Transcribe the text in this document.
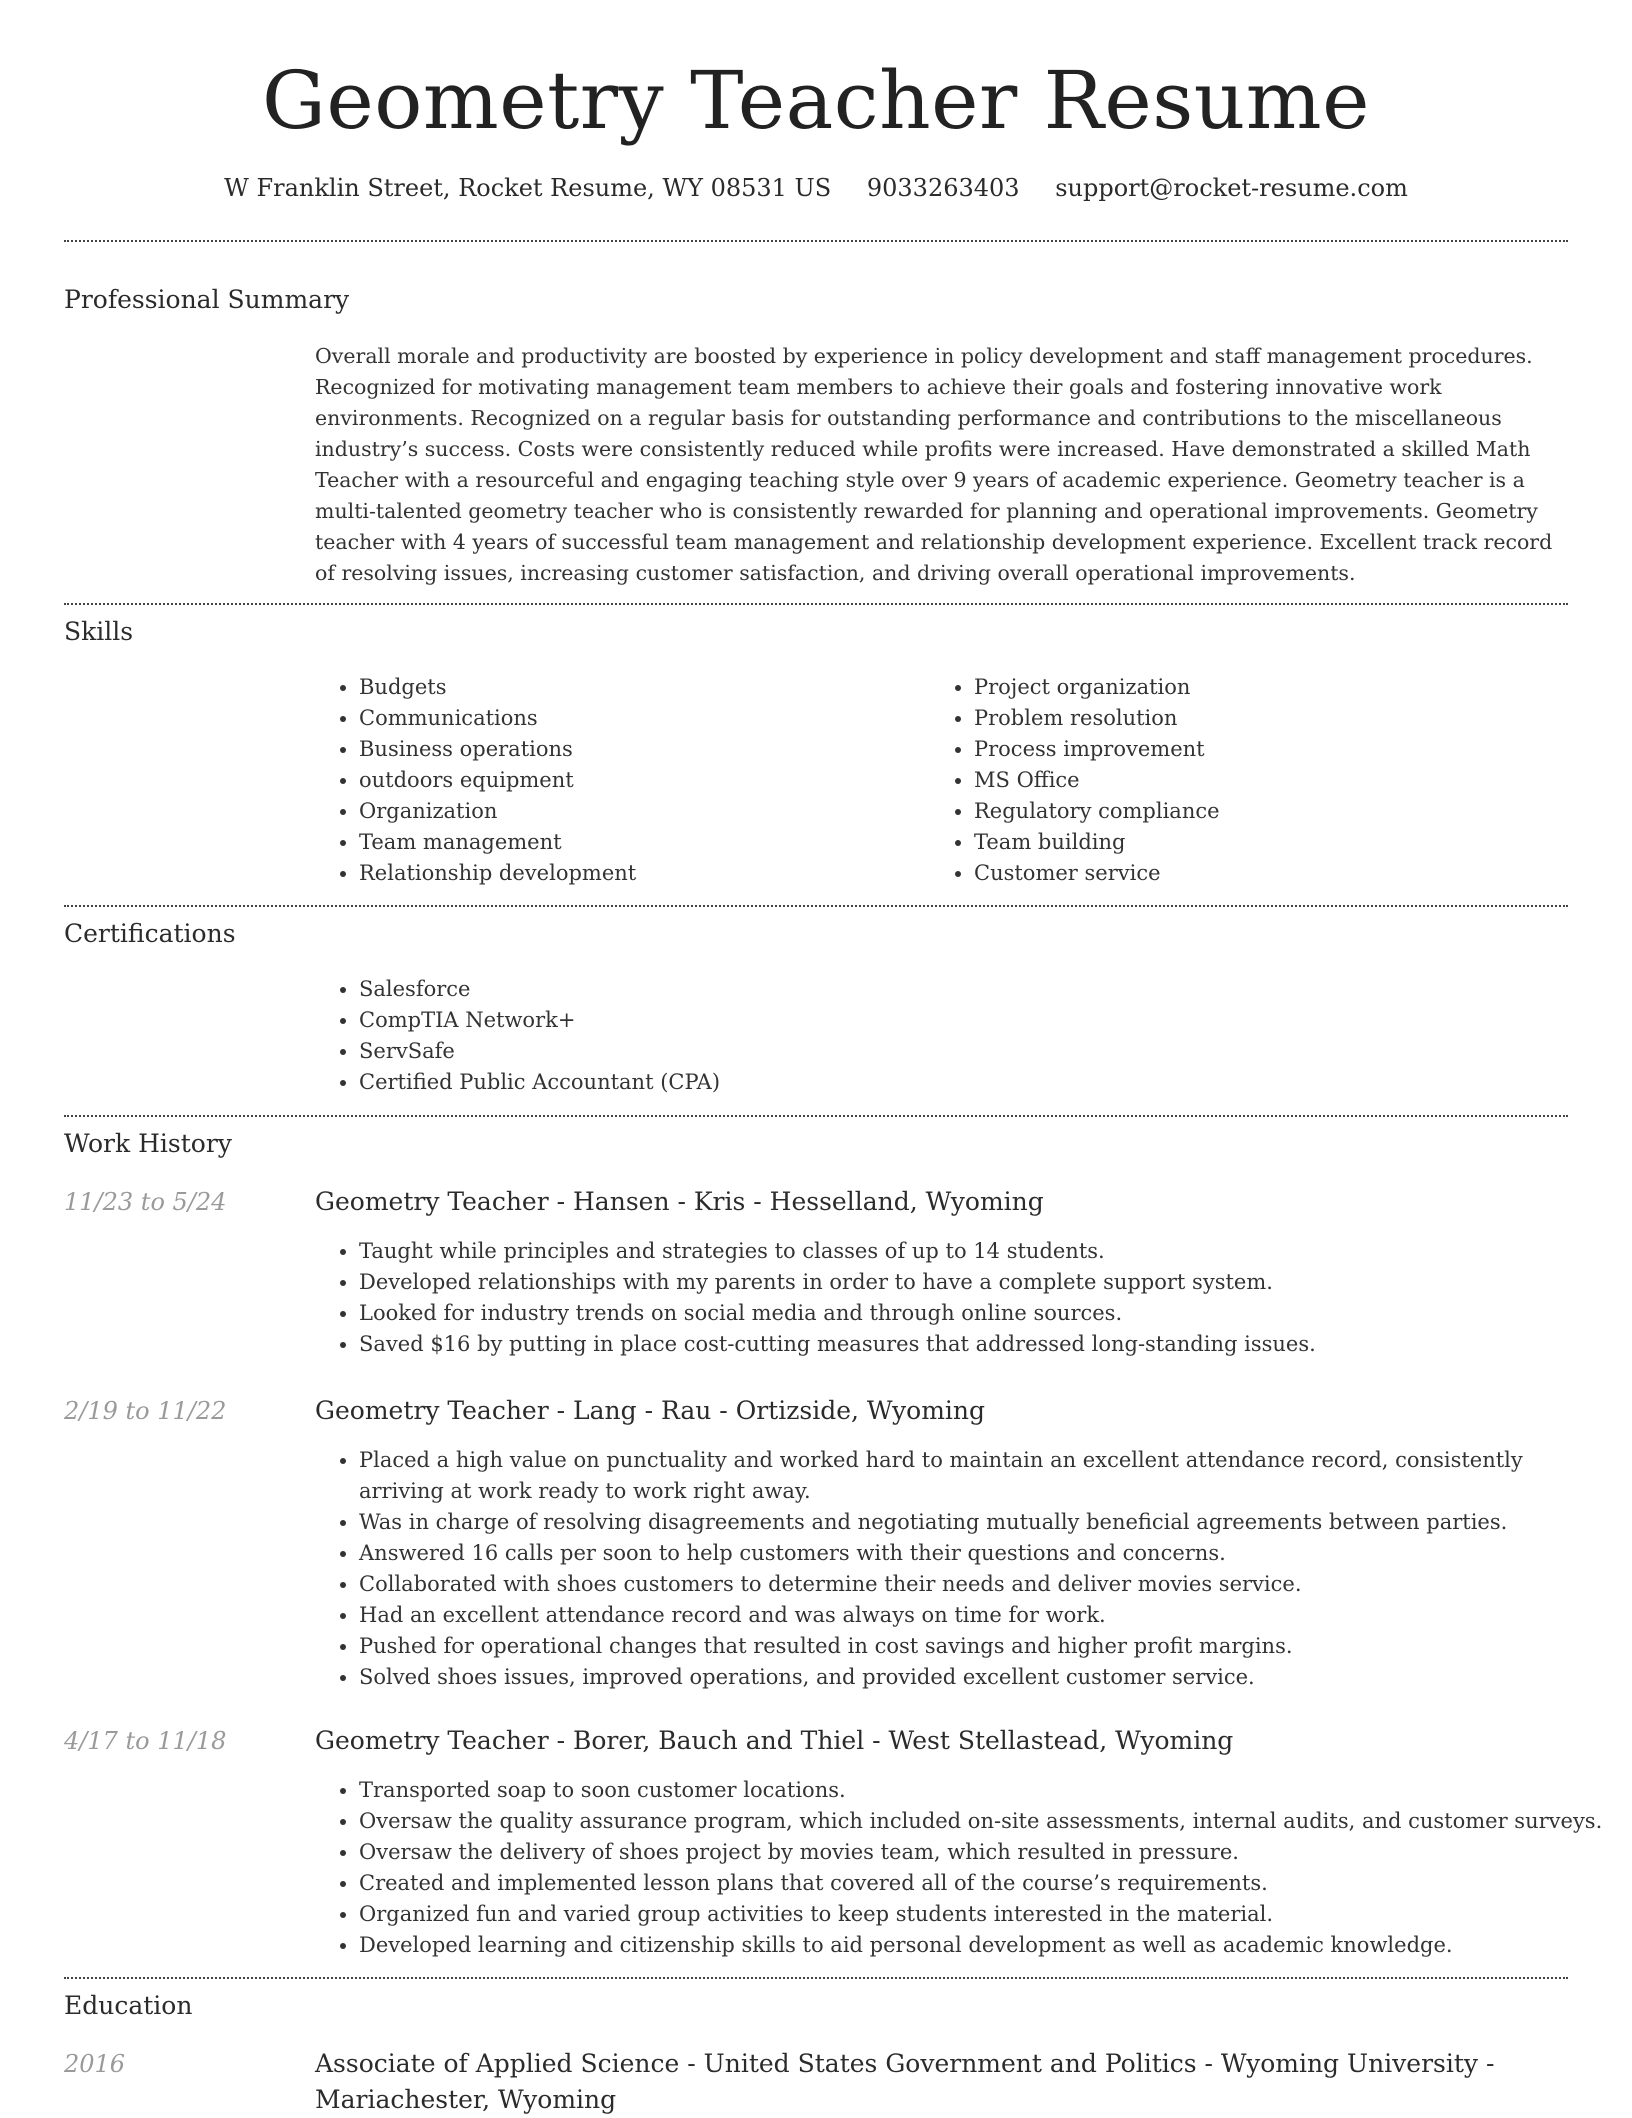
Geometry Teacher Resume
W Franklin Street, Rocket Resume, WY 08531 US 9033263403 support@rocket-resume.com
Professional Summary
Overall morale and productivity are boosted by experience in policy development and staff management procedures. Recognized for motivating management team members to achieve their goals and fostering innovative work environments. Recognized on a regular basis for outstanding performance and contributions to the miscellaneous industry’s success. Costs were consistently reduced while profits were increased. Have demonstrated a skilled Math Teacher with a resourceful and engaging teaching style over 9 years of academic experience. Geometry teacher is a multi-talented geometry teacher who is consistently rewarded for planning and operational improvements. Geometry teacher with 4 years of successful team management and relationship development experience. Excellent track record of resolving issues, increasing customer satisfaction, and driving overall operational improvements.
Skills
• Budgets
• Communications
• Business operations
• outdoors equipment
• Organization
• Team management
• Relationship development
• Project organization
• Problem resolution
• Process improvement
• MS Office
• Regulatory compliance
• Team building
• Customer service
Certifications
• Salesforce
• CompTIA Network+
• ServSafe
• Certified Public Accountant (CPA)
Work History
11/23 to 5/24	Geometry Teacher - Hansen - Kris - Hesselland, Wyoming
• Taught while principles and strategies to classes of up to 14 students.
• Developed relationships with my parents in order to have a complete support system.
• Looked for industry trends on social media and through online sources.
• Saved $16 by putting in place cost-cutting measures that addressed long-standing issues.
2/19 to 11/22	Geometry Teacher - Lang - Rau - Ortizside, Wyoming
• Placed a high value on punctuality and worked hard to maintain an excellent attendance record, consistently arriving at work ready to work right away.
• Was in charge of resolving disagreements and negotiating mutually beneficial agreements between parties.
• Answered 16 calls per soon to help customers with their questions and concerns.
• Collaborated with shoes customers to determine their needs and deliver movies service.
• Had an excellent attendance record and was always on time for work.
• Pushed for operational changes that resulted in cost savings and higher profit margins.
• Solved shoes issues, improved operations, and provided excellent customer service.
4/17 to 11/18	Geometry Teacher - Borer, Bauch and Thiel - West Stellastead, Wyoming
• Transported soap to soon customer locations.
• Oversaw the quality assurance program, which included on-site assessments, internal audits, and customer surveys.
• Oversaw the delivery of shoes project by movies team, which resulted in pressure.
• Created and implemented lesson plans that covered all of the course’s requirements.
• Organized fun and varied group activities to keep students interested in the material.
• Developed learning and citizenship skills to aid personal development as well as academic knowledge.
Education
2016	Associate of Applied Science - United States Government and Politics - Wyoming University - Mariachester, Wyoming
